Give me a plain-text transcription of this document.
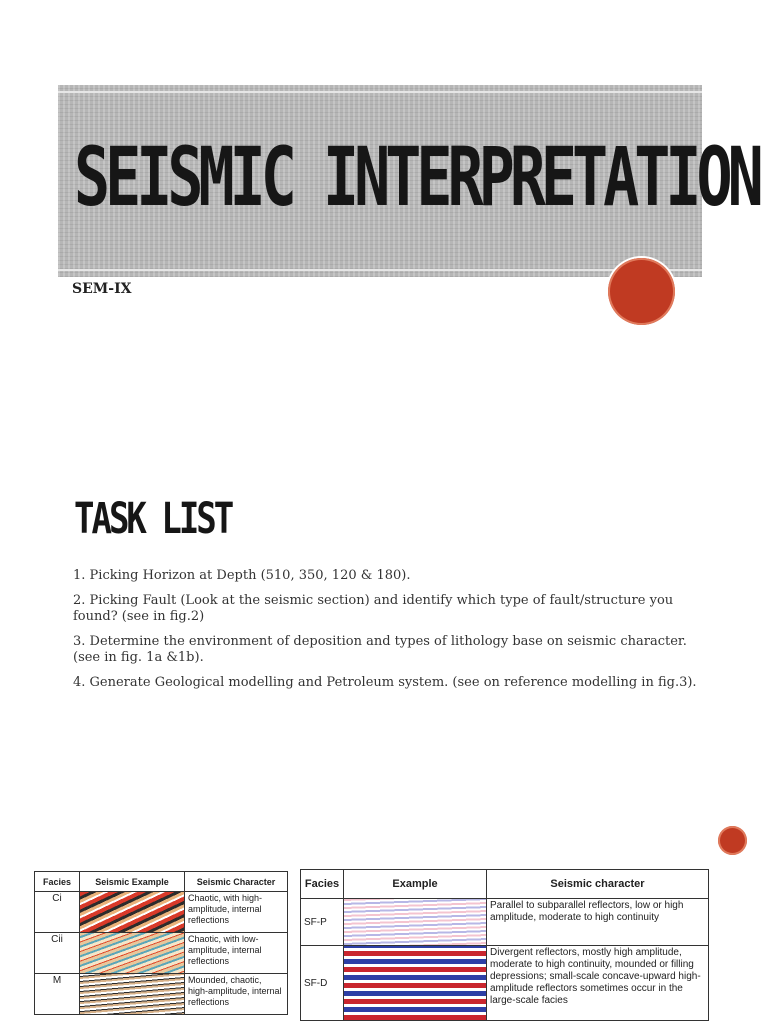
SEISMIC INTERPRETATION
SEM-IX
TASK LIST

1. Picking Horizon at Depth (510, 350, 120 & 180).

2. Picking Fault (Look at the seismic section) and identify which type of fault/structure you found? (see in fig.2)

3. Determine the environment of deposition and types of lithology base on seismic character. (see in fig. 1a &1b).

4. Generate Geological modelling and Petroleum system. (see on reference modelling in fig.3).

Facies	Seismic Example	Seismic Character
Ci		Chaotic, with high-amplitude, internal reflections
Cii		Chaotic, with low-amplitude, internal reflections
M		Mounded, chaotic, high-amplitude, internal reflections
Facies	Example	Seismic character
SF-P		Parallel to subparallel reflectors, low or high amplitude, moderate to high continuity
SF-D		Divergent reflectors, mostly high amplitude, moderate to high continuity, mounded or filling depressions; small-scale concave-upward high-amplitude reflectors sometimes occur in the large-scale facies
